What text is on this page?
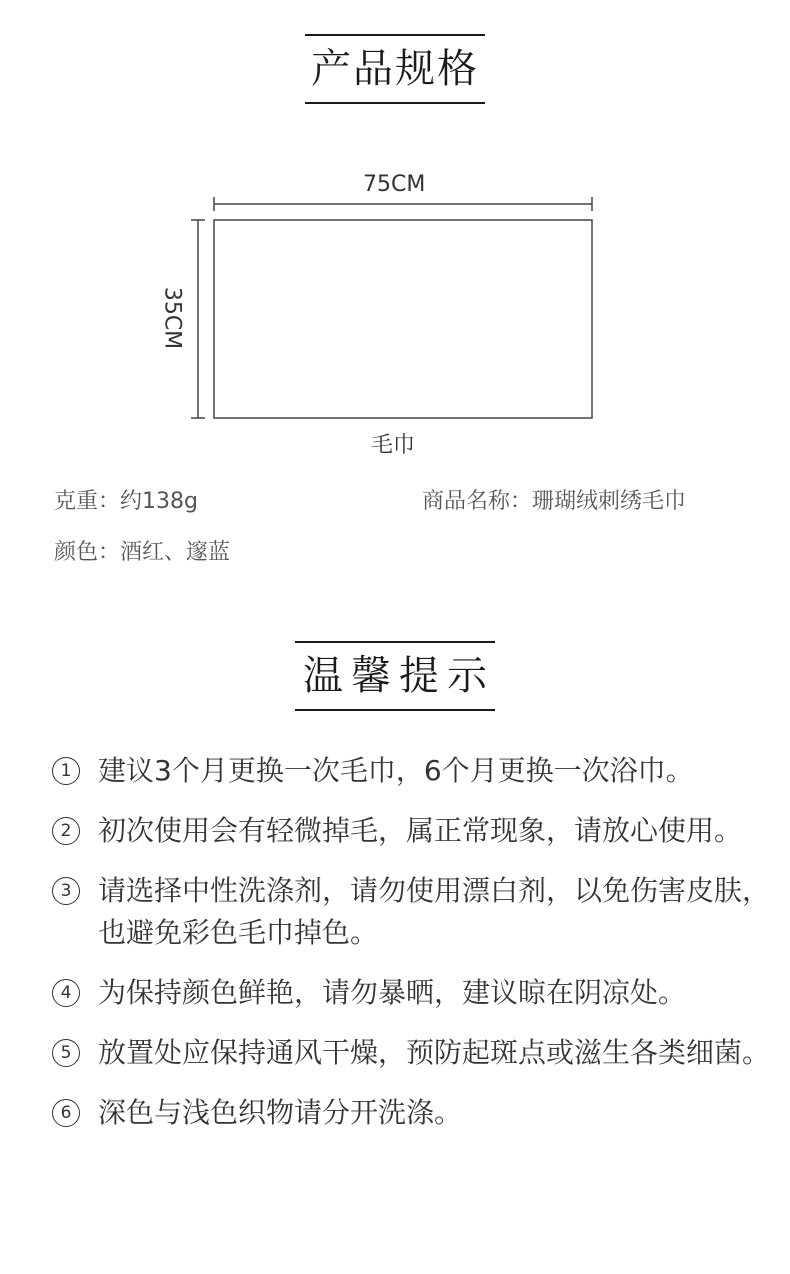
产品规格
75CM
35CM
毛巾
克重：约138g	商品名称：珊瑚绒刺绣毛巾
颜色：酒红、邃蓝
温馨提示
1 建议3个月更换一次毛巾，6个月更换一次浴巾。
2 初次使用会有轻微掉毛，属正常现象，请放心使用。
3 请选择中性洗涤剂，请勿使用漂白剂，以免伤害皮肤，也避免彩色毛巾掉色。
4 为保持颜色鲜艳，请勿暴晒，建议晾在阴凉处。
5 放置处应保持通风干燥，预防起斑点或滋生各类细菌。
6 深色与浅色织物请分开洗涤。
